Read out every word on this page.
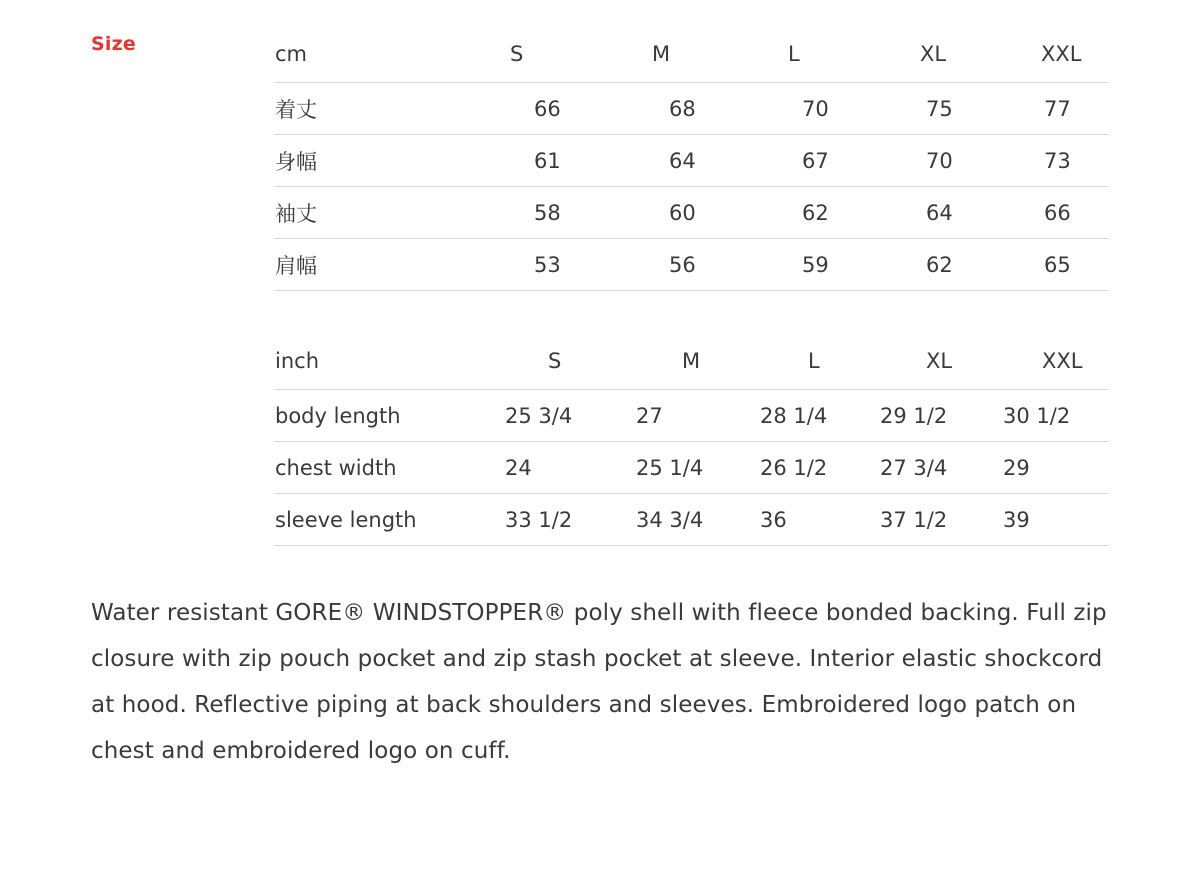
Size	cm	S	M	L	XL	XXL
着丈	66	68	70	75	77
身幅	61	64	67	70	73
袖丈	58	60	62	64	66
肩幅	53	56	59	62	65
inch	S	M	L	XL	XXL
body length	25 3/4	27	28 1/4	29 1/2	30 1/2
chest width	24	25 1/4	26 1/2	27 3/4	29
sleeve length	33 1/2	34 3/4	36	37 1/2	39
Water resistant GORE® WINDSTOPPER® poly shell with fleece bonded backing. Full zip closure with zip pouch pocket and zip stash pocket at sleeve. Interior elastic shockcord at hood. Reflective piping at back shoulders and sleeves. Embroidered logo patch on chest and embroidered logo on cuff.
